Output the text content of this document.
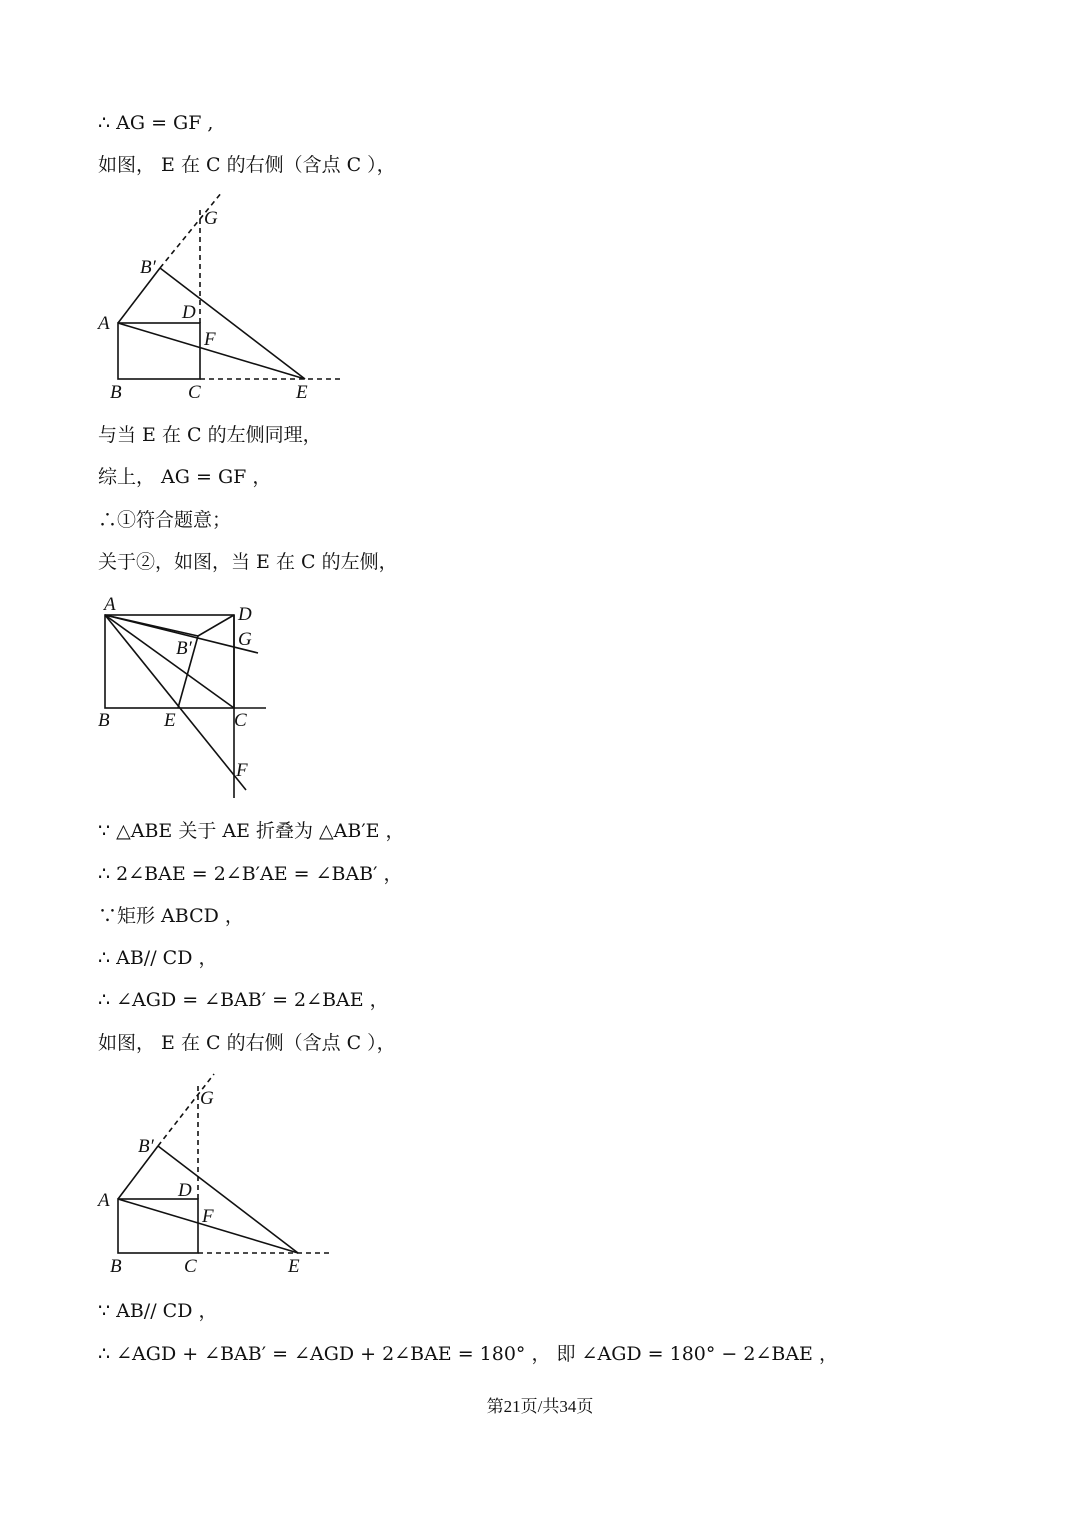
∴ AG = GF ,
如图， E 在 C 的右侧（含点 C ），
G
B′
A
D
F
B	C	E
与当 E 在 C 的左侧同理，
综上， AG = GF ，
∴①符合题意；
关于②，如图，当 E 在 C 的左侧，
A	D
G
B′
B	E	C
F
∵ △ABE 关于 AE 折叠为 △AB′E ，
∴ 2∠BAE = 2∠B′AE = ∠BAB′ ，
∵矩形 ABCD ，
∴ AB// CD ，
∴ ∠AGD = ∠BAB′ = 2∠BAE ，
如图， E 在 C 的右侧（含点 C ），
G
B′
A	D
F
B	C	E
∵ AB// CD ，
∴ ∠AGD + ∠BAB′ = ∠AGD + 2∠BAE = 180° ， 即 ∠AGD = 180° − 2∠BAE ，
第21页/共34页
